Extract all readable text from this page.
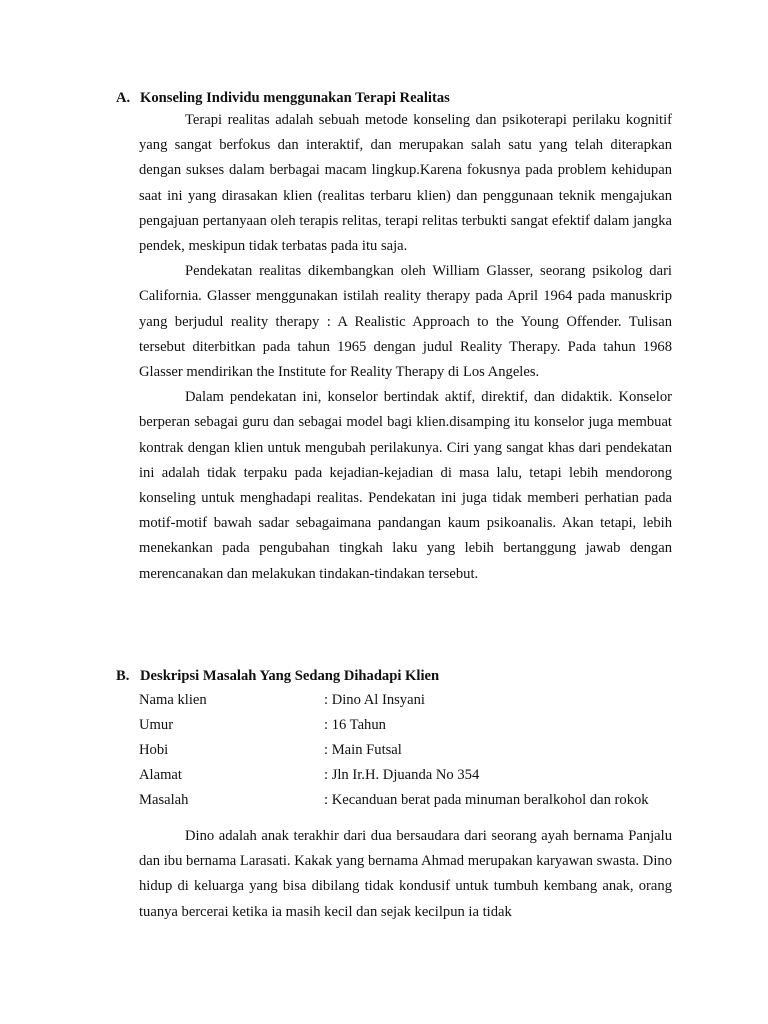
A. Konseling Individu menggunakan Terapi Realitas

Terapi realitas adalah sebuah metode konseling dan psikoterapi perilaku kognitif yang sangat berfokus dan interaktif, dan merupakan salah satu yang telah diterapkan dengan sukses dalam berbagai macam lingkup.Karena fokusnya pada problem kehidupan saat ini yang dirasakan klien (realitas terbaru klien) dan penggunaan teknik mengajukan pengajuan pertanyaan oleh terapis relitas, terapi relitas terbukti sangat efektif dalam jangka pendek, meskipun tidak terbatas pada itu saja.

Pendekatan realitas dikembangkan oleh William Glasser, seorang psikolog dari California. Glasser menggunakan istilah reality therapy pada April 1964 pada manuskrip yang berjudul reality therapy : A Realistic Approach to the Young Offender. Tulisan tersebut diterbitkan pada tahun 1965 dengan judul Reality Therapy. Pada tahun 1968 Glasser mendirikan the Institute for Reality Therapy di Los Angeles.

Dalam pendekatan ini, konselor bertindak aktif, direktif, dan didaktik. Konselor berperan sebagai guru dan sebagai model bagi klien.disamping itu konselor juga membuat kontrak dengan klien untuk mengubah perilakunya. Ciri yang sangat khas dari pendekatan ini adalah tidak terpaku pada kejadian-kejadian di masa lalu, tetapi lebih mendorong konseling untuk menghadapi realitas. Pendekatan ini juga tidak memberi perhatian pada motif-motif bawah sadar sebagaimana pandangan kaum psikoanalis. Akan tetapi, lebih menekankan pada pengubahan tingkah laku yang lebih bertanggung jawab dengan merencanakan dan melakukan tindakan-tindakan tersebut.

B. Deskripsi Masalah Yang Sedang Dihadapi Klien
Nama klien	: Dino Al Insyani
Umur	: 16 Tahun
Hobi	: Main Futsal
Alamat	: Jln Ir.H. Djuanda No 354
Masalah	: Kecanduan berat pada minuman beralkohol dan rokok

Dino adalah anak terakhir dari dua bersaudara dari seorang ayah bernama Panjalu dan ibu bernama Larasati. Kakak yang bernama Ahmad merupakan karyawan swasta. Dino hidup di keluarga yang bisa dibilang tidak kondusif untuk tumbuh kembang anak, orang tuanya bercerai ketika ia masih kecil dan sejak kecilpun ia tidak
